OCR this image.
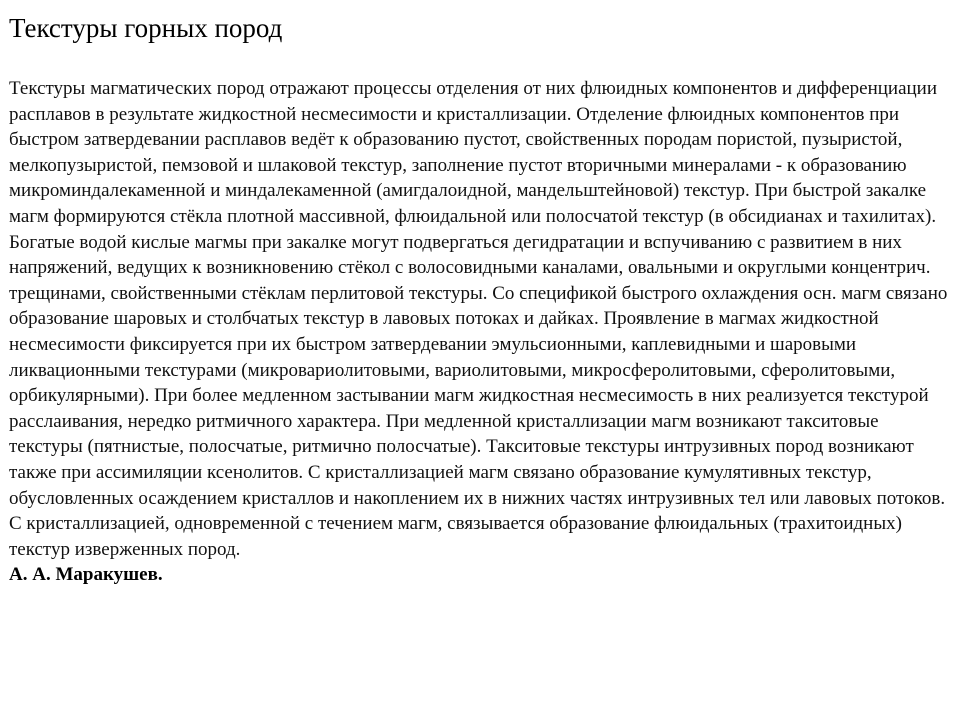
Текстуры горных пород

Текстуры магматических пород отражают процессы отделения от них флюидных компонентов и дифференциации расплавов в результате жидкостной несмесимости и кристаллизации. Отделение флюидных компонентов при быстром затвердевании расплавов ведёт к образованию пустот, свойственных породам пористой, пузыристой, мелкопузыристой, пемзовой и шлаковой текстур, заполнение пустот вторичными минералами - к образованию микроминдалекаменной и миндалекаменной (амигдалоидной, мандельштейновой) текстур. При быстрой закалке магм формируются стёкла плотной массивной, флюидальной или полосчатой текстур (в обсидианах и тахилитах). Богатые водой кислые магмы при закалке могут подвергаться дегидратации и вспучиванию с развитием в них напряжений, ведущих к возникновению стёкол с волосовидными каналами, овальными и округлыми концентрич. трещинами, свойственными стёклам перлитовой текстуры. Со спецификой быстрого охлаждения осн. магм связано образование шаровых и столбчатых текстур в лавовых потоках и дайках. Проявление в магмах жидкостной несмесимости фиксируется при их быстром затвердевании эмульсионными, каплевидными и шаровыми ликвационными текстурами (микровариолитовыми, вариолитовыми, микросферолитовыми, сферолитовыми, орбикулярными). При более медленном застывании магм жидкостная несмесимость в них реализуется текстурой расслаивания, нередко ритмичного характера. При медленной кристаллизации магм возникают такситовые текстуры (пятнистые, полосчатые, ритмично полосчатые). Такситовые текстуры интрузивных пород возникают также при ассимиляции ксенолитов. С кристаллизацией магм связано образование кумулятивных текстур, обусловленных осаждением кристаллов и накоплением их в нижних частях интрузивных тел или лавовых потоков. С кристаллизацией, одновременной с течением магм, связывается образование флюидальных (трахитоидных) текстур изверженных пород.

А. А. Маракушев.
